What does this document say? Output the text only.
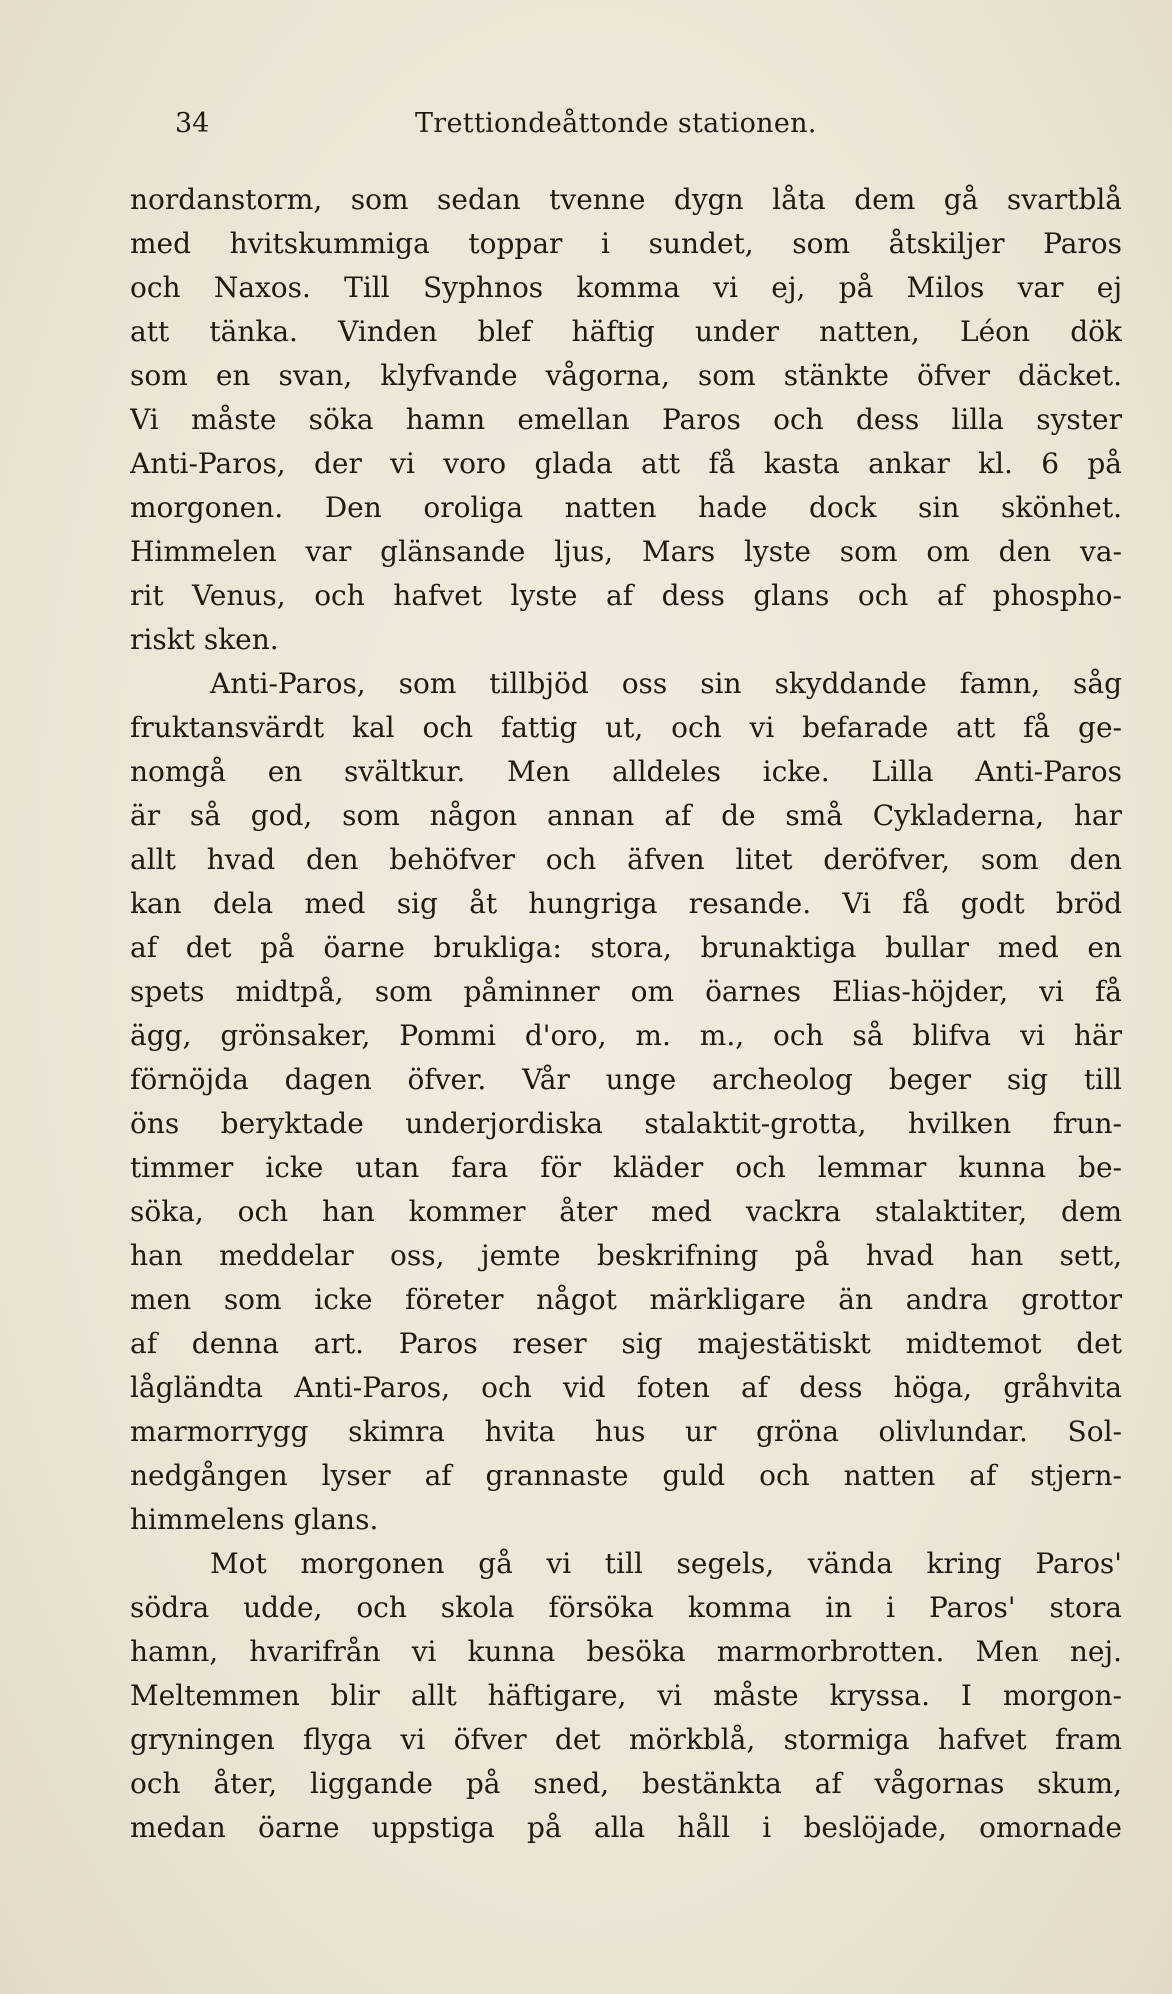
34	Trettiondeåttonde stationen.
nordanstorm, som sedan tvenne dygn låta dem gå svartblå
med hvitskummiga toppar i sundet, som åtskiljer Paros
och Naxos. Till Syphnos komma vi ej, på Milos var ej
att tänka. Vinden blef häftig under natten, Léon dök
som en svan, klyfvande vågorna, som stänkte öfver däcket.
Vi måste söka hamn emellan Paros och dess lilla syster
Anti-Paros, der vi voro glada att få kasta ankar kl. 6 på
morgonen. Den oroliga natten hade dock sin skönhet.
Himmelen var glänsande ljus, Mars lyste som om den va-
rit Venus, och hafvet lyste af dess glans och af phospho-
riskt sken.
Anti-Paros, som tillbjöd oss sin skyddande famn, såg
fruktansvärdt kal och fattig ut, och vi befarade att få ge-
nomgå en svältkur. Men alldeles icke. Lilla Anti-Paros
är så god, som någon annan af de små Cykladerna, har
allt hvad den behöfver och äfven litet deröfver, som den
kan dela med sig åt hungriga resande. Vi få godt bröd
af det på öarne brukliga: stora, brunaktiga bullar med en
spets midtpå, som påminner om öarnes Elias-höjder, vi få
ägg, grönsaker, Pommi d'oro, m. m., och så blifva vi här
förnöjda dagen öfver. Vår unge archeolog beger sig till
öns beryktade underjordiska stalaktit-grotta, hvilken frun-
timmer icke utan fara för kläder och lemmar kunna be-
söka, och han kommer åter med vackra stalaktiter, dem
han meddelar oss, jemte beskrifning på hvad han sett,
men som icke företer något märkligare än andra grottor
af denna art. Paros reser sig majestätiskt midtemot det
lågländta Anti-Paros, och vid foten af dess höga, gråhvita
marmorrygg skimra hvita hus ur gröna olivlundar. Sol-
nedgången lyser af grannaste guld och natten af stjern-
himmelens glans.
Mot morgonen gå vi till segels, vända kring Paros'
södra udde, och skola försöka komma in i Paros' stora
hamn, hvarifrån vi kunna besöka marmorbrotten. Men nej.
Meltemmen blir allt häftigare, vi måste kryssa. I morgon-
gryningen flyga vi öfver det mörkblå, stormiga hafvet fram
och åter, liggande på sned, bestänkta af vågornas skum,
medan öarne uppstiga på alla håll i beslöjade, omornade
